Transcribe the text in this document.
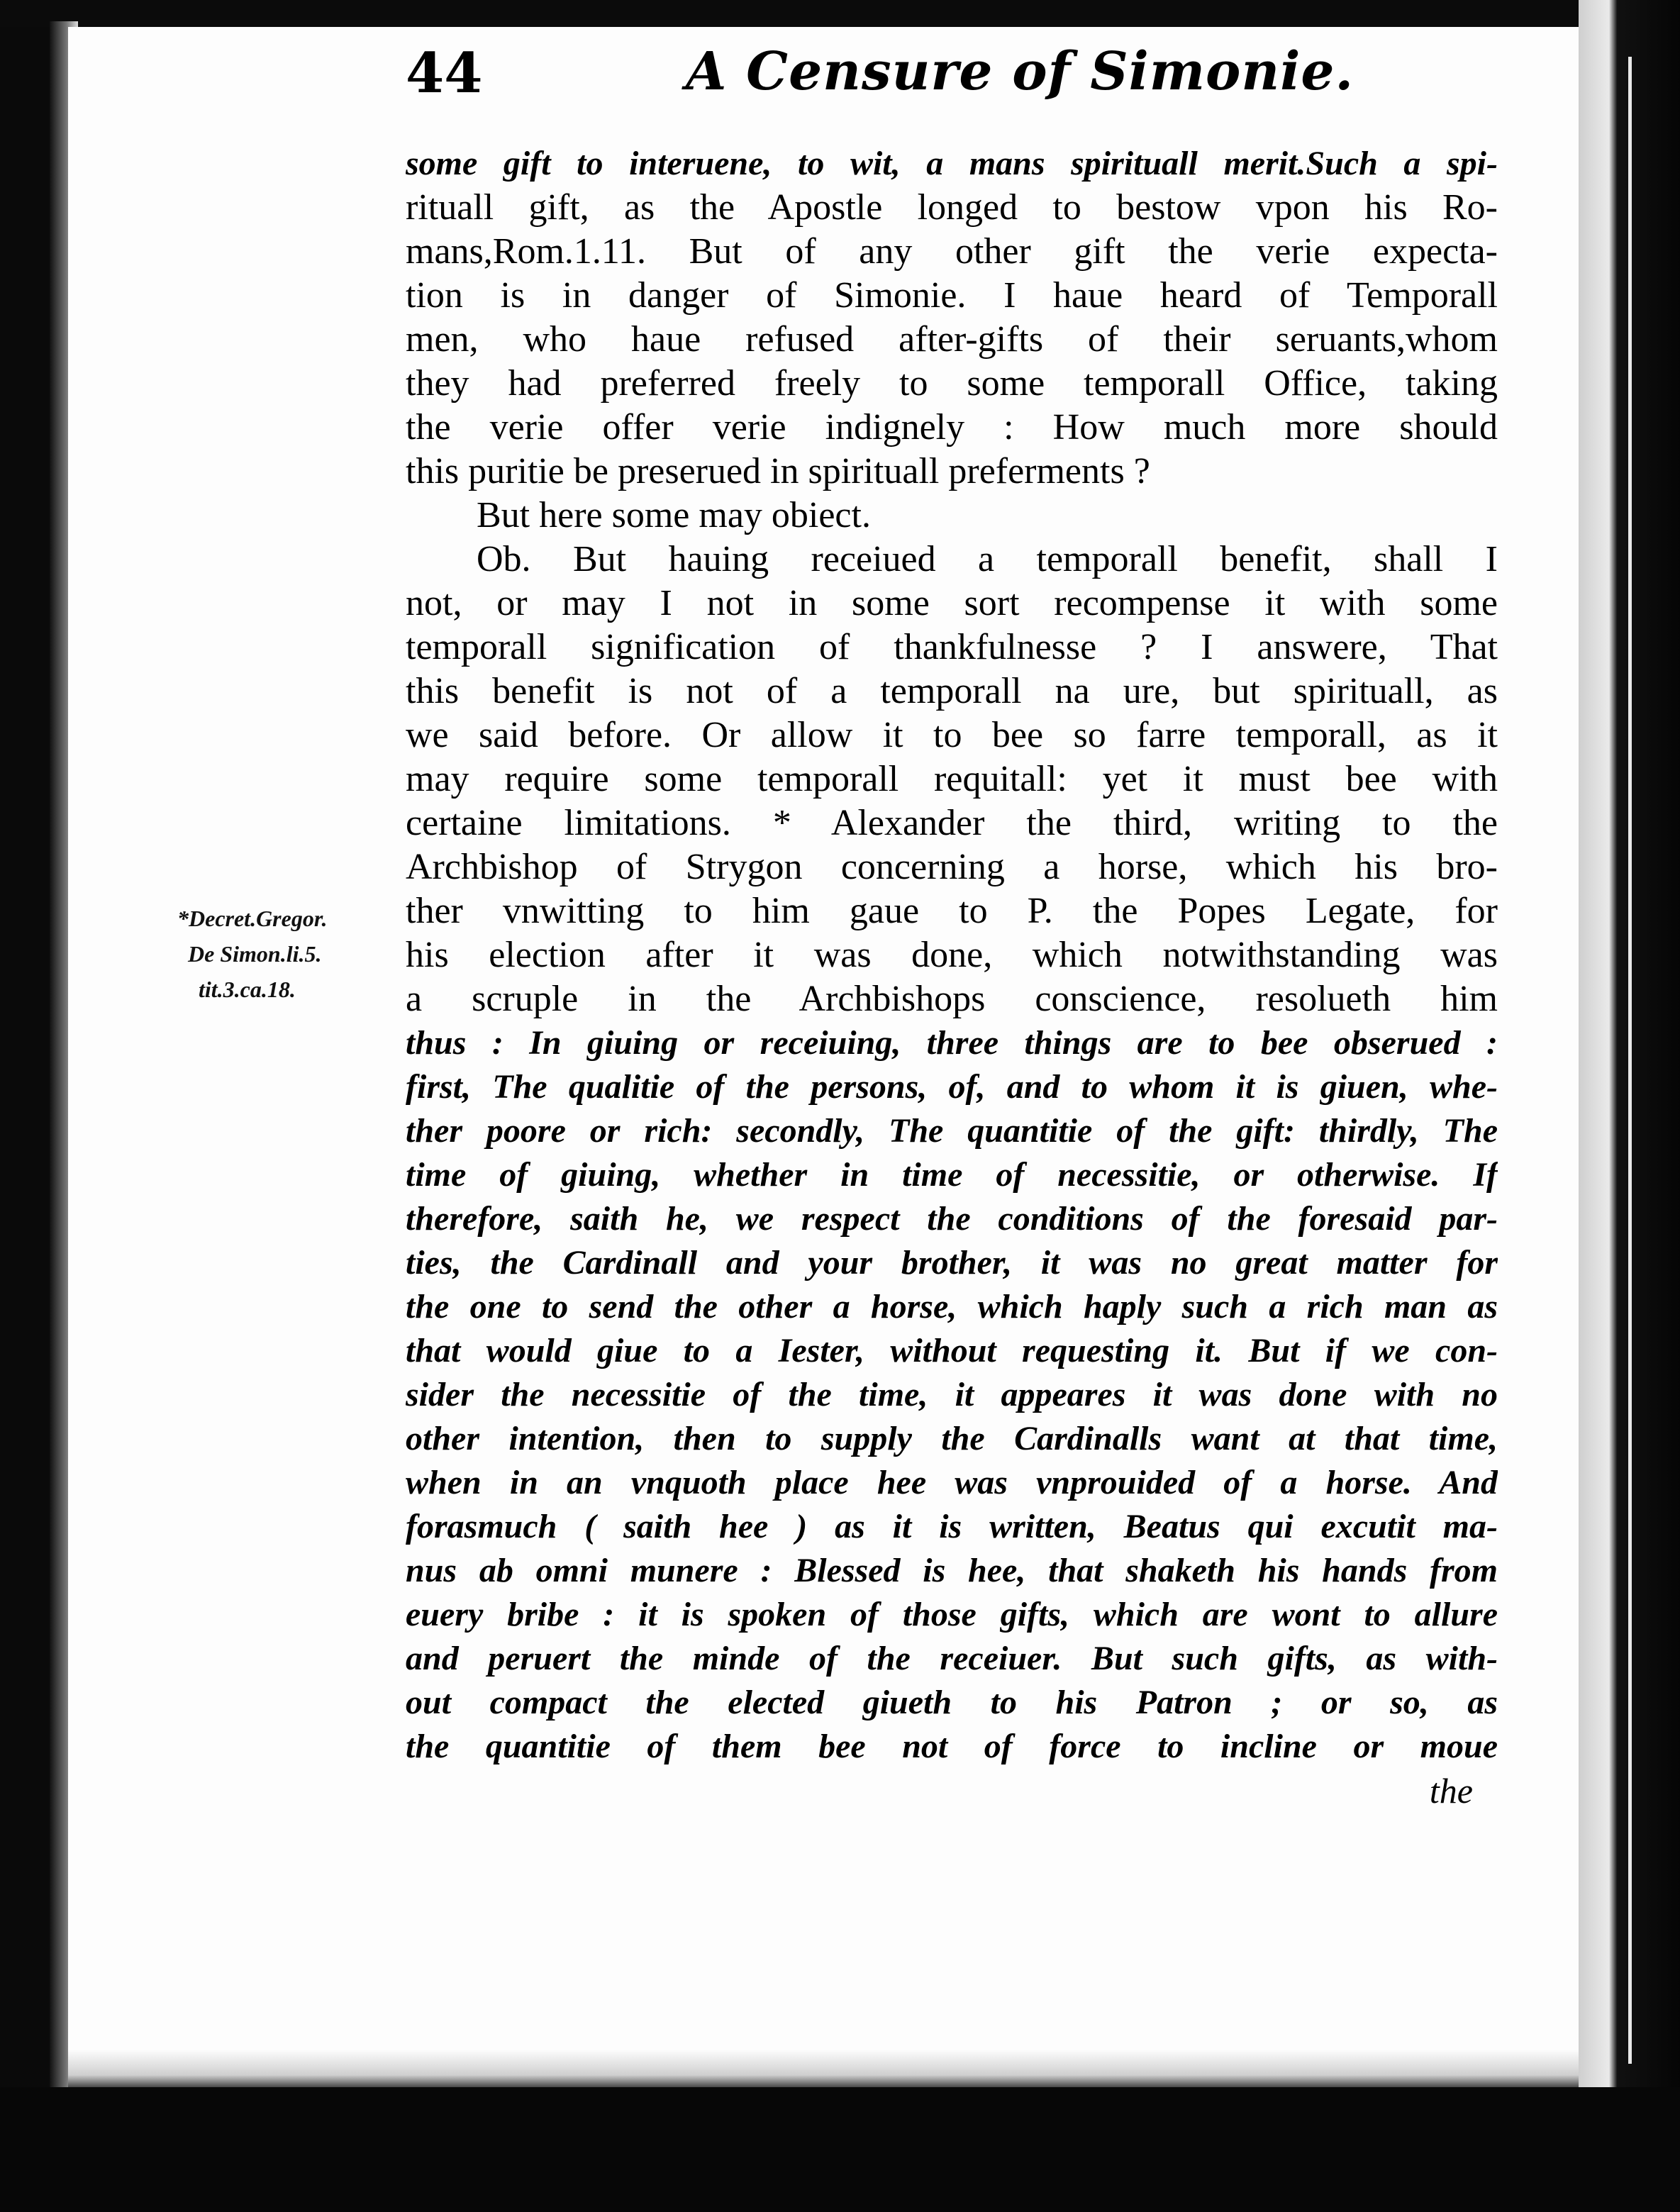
44	A Censure of Simonie.
*Decret.Gregor.
De Simon.li.5.
tit.3.ca.18.
some gift to interuene, to wit, a mans spirituall merit.Such a spi-
rituall gift, as the Apostle longed to bestow vpon his Ro-
mans,Rom.1.11. But of any other gift the verie expecta-
tion is in danger of Simonie. I haue heard of Temporall
men, who haue refused after-gifts of their seruants,whom
they had preferred freely to some temporall Office, taking
the verie offer verie indignely : How much more should
this puritie be preserued in spirituall preferments ?
But here some may obiect.
Ob. But hauing receiued a temporall benefit, shall I
not, or may I not in some sort recompense it with some
temporall signification of thankfulnesse ? I answere, That
this benefit is not of a temporall na ure, but spirituall, as
we said before. Or allow it to bee so farre temporall, as it
may require some temporall requitall: yet it must bee with
certaine limitations. * Alexander the third, writing to the
Archbishop of Strygon concerning a horse, which his bro-
ther vnwitting to him gaue to P. the Popes Legate, for
his election after it was done, which notwithstanding was
a scruple in the Archbishops conscience, resolueth him
thus : In giuing or receiuing, three things are to bee obserued :
first, The qualitie of the persons, of, and to whom it is giuen, whe-
ther poore or rich: secondly, The quantitie of the gift: thirdly, The
time of giuing, whether in time of necessitie, or otherwise. If
therefore, saith he, we respect the conditions of the foresaid par-
ties, the Cardinall and your brother, it was no great matter for
the one to send the other a horse, which haply such a rich man as
that would giue to a Iester, without requesting it. But if we con-
sider the necessitie of the time, it appeares it was done with no
other intention, then to supply the Cardinalls want at that time,
when in an vnquoth place hee was vnprouided of a horse. And
forasmuch ( saith hee ) as it is written, Beatus qui excutit ma-
nus ab omni munere : Blessed is hee, that shaketh his hands from
euery bribe : it is spoken of those gifts, which are wont to allure
and peruert the minde of the receiuer. But such gifts, as with-
out compact the elected giueth to his Patron ; or so, as
the quantitie of them bee not of force to incline or moue
the
